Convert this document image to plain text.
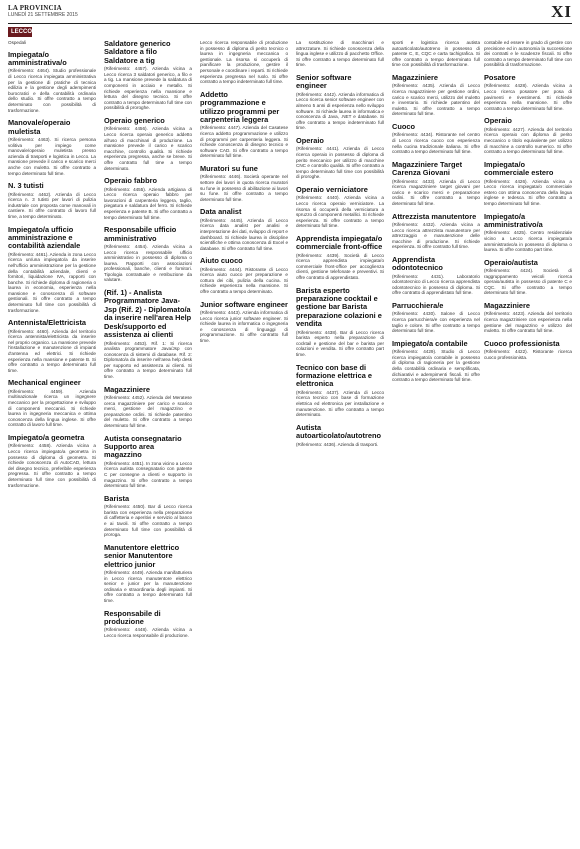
LA PROVINCIA
LUNEDÌ 21 SETTEMBRE 2015	XI
LECCO

Ospedali

Impiegata/o amministrativa/o

(Riferimento: 4464). Studio professionale di Lecco ricerca impiegata amministrativa per la gestione di pratiche di tecnica edilizia e la gestione degli adempimenti burocratici e della contabilità ordinaria dello studio. Si offre contratto a tempo determinato con possibilità di trasformazione.

Manovale/operaio muletista

(Riferimento: 4463). Si ricerca persona volitiva per impiego come manovale/operaio muletista presso azienda di trasporti e logistica in Lecco. La mansione prevede il carico e scarico merci anche con muletto. Si offre contratto a tempo determinato full time.

N. 3 tutisti

(Riferimento: 4462). Azienda di Lecco ricerca n. 3 tutisti per lavori di pulizia industriale con proposta come manovali in cantiere. Si offre contratto di lavoro full time, a tempo determinato.

Impiegato/a ufficio amministrazione e contabilità aziendale

(Riferimento: 4461). Azienda in zona Lecco ricerca un/una impiegato/a da inserire nell'ufficio amministrazione per la gestione della contabilità aziendale, clienti e fornitori, liquidazione IVA, rapporti con banche. Si richiede diploma di ragioneria o laurea in economia, esperienza nella mansione e conoscenza di software gestionali. Si offre contratto a tempo determinato full time con possibilità di trasformazione.

Antennista/Elettricista

(Riferimento: 4460). Azienda del territorio ricerca antennista/elettricista da inserire nel proprio organico. La mansione prevede l'installazione e manutenzione di impianti d'antenna ed elettrici. Si richiede esperienza nella mansione e patente B. Si offre contratto a tempo determinato full time.

Mechanical engineer

(Riferimento: 4459). Azienda multinazionale ricerca un ingegnere meccanico per la progettazione e sviluppo di componenti meccanici. Si richiede laurea in ingegneria meccanica e ottima conoscenza della lingua inglese. Si offre contratto di lavoro full time.

Impiegato/a geometra

(Riferimento: 4458). Azienda vicina a Lecco ricerca impiegato/a geometra in possesso di diploma di geometra. Si richiede conoscenza di AutoCAD, lettura del disegno tecnico, preferibile esperienza pregressa. Si offre contratto a tempo determinato full time con possibilità di trasformazione.

Saldatore generico Saldatore a filo Saldatore a tig

(Riferimento: 4457). Azienda vicina a Lecco ricerca 3 saldatori generico, a filo e a tig. La mansione prevede la saldatura di componenti in acciaio e metallo. Si richiede esperienza nella mansione e lettura del disegno tecnico. Si offre contratto a tempo determinato full time con possibilità di proroghe.

Operaio generico

(Riferimento: 4456). Azienda vicina a Lecco ricerca operaio generico addetto all'uso di macchinari di produzione. La mansione prevede il carico e scarico macchine, controllo qualità. Si richiede esperienza pregressa, anche se breve. Si offre contratto full time a tempo determinato.

Operaio fabbro

(Riferimento: 4455). Azienda artigiana di Lecco ricerca operaio fabbro per lavorazioni di carpenteria leggera, taglio, piegatura e saldatura del ferro. Si richiede esperienza e patente B. Si offre contratto a tempo determinato full time.

Responsabile ufficio amministrativo

(Riferimento: 4454). Azienda vicina a Lecco ricerca responsabile ufficio amministrativo in possesso di diploma o laurea. Rapporti con associazioni professionali, banche, clienti e fornitori. Tipologia contrattuale e retribuzione da valutare.

(Rif. 1) - Analista Programmatore Java-Jsp (Rif. 2) - Diplomato/a da inserire nell'area Help Desk/supporto ed assistenza ai clienti

(Riferimento: 4453). Rif. 1: Si ricerca analista programmatore Java/Jsp con conoscenza di sistemi di database. Rif. 2: Diplomato/a da inserire nell'area help desk per supporto ed assistenza ai clienti. Si offre contratto a tempo determinato full time.

Magazziniere

(Riferimento: 4452). Azienda del Meratese cerca magazziniere per carico e scarico merci, gestione del magazzino e preparazione ordini. Si richiede patentino del muletto. Si offre contratto a tempo determinato full time.

Autista consegnatario Supporto area magazzino

(Riferimento: 4451). In zona vicino a Lecco ricerca autista consegnatario con patente C per consegne a clienti e supporto in magazzino. Si offre contratto a tempo determinato full time.

Barista

(Riferimento: 4450). Bar di Lecco ricerca barista con esperienza nella preparazione di caffetteria e aperitivi e servizio al banco e ai tavoli. Si offre contratto a tempo determinato full time con possibilità di proroga.

Manutentore elettrico senior Manutentore elettrico junior

(Riferimento: 4449). Azienda manifatturiera in Lecco ricerca manutentore elettrico senior e junior per la manutenzione ordinaria e straordinaria degli impianti. Si offre contratto a tempo determinato full time.

Responsabile di produzione

(Riferimento: 4448). Azienda vicina a Lecco ricerca responsabile di produzione.

Lecco ricerca responsabile di produzione in possesso di diploma di perito tecnico o laurea in ingegneria meccanica o gestionale. La risorsa si occuperà di pianificare la produzione, gestire il personale e coordinare i reparti. Si richiede esperienza pregressa nel ruolo. Si offre contratto a tempo indeterminato full time.

Addetto programmazione e utilizzo programmi per carpenteria leggera

(Riferimento: 4447). Azienda del Casatese ricerca addetto programmazione e utilizzo di programmi per carpenteria leggera. Si richiede conoscenza di disegno tecnico e software CAD. Si offre contratto a tempo determinato full time.

Muratori su fune

(Riferimento: 4446). Società operante nel settore dei lavori in quota ricerca muratori su fune in possesso di abilitazione ai lavori su fune. Si offre contratto a tempo determinato full time.

Data analist

(Riferimento: 4445). Azienda di Lecco ricerca data analist per analisi e interpretazione dei dati, sviluppo di report e dashboard. Si richiede laurea in discipline scientifiche e ottima conoscenza di Excel e database. Si offre contratto full time.

Aiuto cuoco

(Riferimento: 4444). Ristorante di Lecco ricerca aiuto cuoco per preparazione e cottura dei cibi, pulizia della cucina. Si richiede esperienza nella mansione. Si offre contratto a tempo determinato.

Junior software engineer

(Riferimento: 4443). Azienda informatica di Lecco ricerca junior software engineer. Si richiede laurea in informatica o ingegneria e conoscenza di linguaggi di programmazione. Si offre contratto full time.

La sostituzione di macchinari e attrezzature. Si richiede conoscenza della lingua inglese e utilizzo di pacchetto Office. Si offre contratto a tempo determinato full time.

Senior software engineer

(Riferimento: 4442). Azienda informatica di Lecco ricerca senior software engineer con almeno 5 anni di esperienza nello sviluppo software. Si richiede laurea in informatica e conoscenza di Java, .NET e database. Si offre contratto a tempo indeterminato full time.

Operaio

(Riferimento: 4441). Azienda di Lecco ricerca operaio in possesso di diploma di perito meccanico per utilizzo di macchine CNC e controllo qualità. Si offre contratto a tempo determinato full time con possibilità di proroghe.

Operaio verniciatore

(Riferimento: 4440). Azienda vicina a Lecco ricerca operaio verniciatore. La risorsa si occuperà della verniciatura a spruzzo di componenti metallici. Si richiede esperienza. Si offre contratto a tempo determinato full time.

Apprendista impiegata/o commerciale front-office

(Riferimento: 4439). Società di Lecco ricerca apprendista impiegata/o commerciale front-office per accoglienza clienti, gestione telefonate e preventivi. Si offre contratto di apprendistato.

Barista esperto preparazione cocktail e gestione bar Barista preparazione colazioni e vendita

(Riferimento: 4438). Bar di Lecco ricerca barista esperto nella preparazione di cocktail e gestione del bar e barista per colazioni e vendita. Si offre contratto part time.

Tecnico con base di formazione elettrica e elettronica

(Riferimento: 4437). Azienda di Lecco ricerca tecnico con base di formazione elettrica ed elettronica per installazione e manutenzione. Si offre contratto a tempo determinato.

Autista autoarticolato/autotreno

(Riferimento: 4436). Azienda di trasporti.

sporti e logistica ricerca autista autoarticolato/autotreno in possesso di patente C, E, CQC e carta tachigrafica. Si offre contratto a tempo determinato full time con possibilità di trasformazione.

Magazziniere

(Riferimento: 4435). Azienda di Lecco ricerca magazziniere per gestione ordini, carico e scarico merci, utilizzo del muletto e inventario. Si richiede patentino del muletto. Si offre contratto a tempo determinato full time.

Cuoco

(Riferimento: 4434). Ristorante nel centro di Lecco ricerca cuoco con esperienza nella cucina tradizionale italiana. Si offre contratto a tempo determinato full time.

Magazziniere Target Carenza Giovani

(Riferimento: 4433). Azienda di Lecco ricerca magazziniere target giovani per carico e scarico merci e preparazione ordini. Si offre contratto a tempo determinato full time.

Attrezzista manutentore

(Riferimento: 4432). Azienda vicina a Lecco ricerca attrezzista manutentore per attrezzaggio e manutenzione delle macchine di produzione. Si richiede esperienza. Si offre contratto full time.

Apprendista odontotecnico

(Riferimento: 4431). Laboratorio odontotecnico di Lecco ricerca apprendista odontotecnico in possesso di diploma. Si offre contratto di apprendistato full time.

Parrucchiera/e

(Riferimento: 4430). Salone di Lecco ricerca parrucchiera/e con esperienza nel taglio e colore. Si offre contratto a tempo determinato full time.

Impiegato/a contabile

(Riferimento: 4429). Studio di Lecco ricerca impiegato/a contabile in possesso di diploma di ragioneria per la gestione della contabilità ordinaria e semplificata, dichiarativi e adempimenti fiscali. Si offre contratto a tempo determinato full time.

contabile ed essere in grado di gestire con precisione ed in autonomia la successione dei contratti e le scadenze fiscali. Si offre contratto a tempo determinato full time con possibilità di trasformazione.

Posatore

(Riferimento: 4428). Azienda vicina a Lecco ricerca posatore per posa di pavimenti e rivestimenti. Si richiede esperienza nella mansione. Si offre contratto a tempo determinato full time.

Operaio

(Riferimento: 4427). Azienda del territorio ricerca operaio con diploma di perito meccanico o titolo equivalente per utilizzo di macchine a controllo numerico. Si offre contratto a tempo determinato full time.

Impiegata/o commerciale estero

(Riferimento: 4426). Azienda vicina a Lecco ricerca impiegata/o commerciale estero con ottima conoscenza della lingua inglese e tedesca. Si offre contratto a tempo determinato full time.

Impiegato/a amministrativo/a

(Riferimento: 4425). Centro residenziale vicino a Lecco ricerca impiegato/a amministrativo/a in possesso di diploma o laurea. Si offre contratto part time.

Operaio/autista

(Riferimento: 4424). Società di raggruppamento veicoli ricerca operaio/autista in possesso di patente C e CQC. Si offre contratto a tempo determinato full time.

Magazziniere

(Riferimento: 4423). Azienda del territorio ricerca magazziniere con esperienza nella gestione del magazzino e utilizzo del muletto. Si offre contratto full time.

Cuoco professionista

(Riferimento: 4422). Ristorante ricerca cuoco professionista.
